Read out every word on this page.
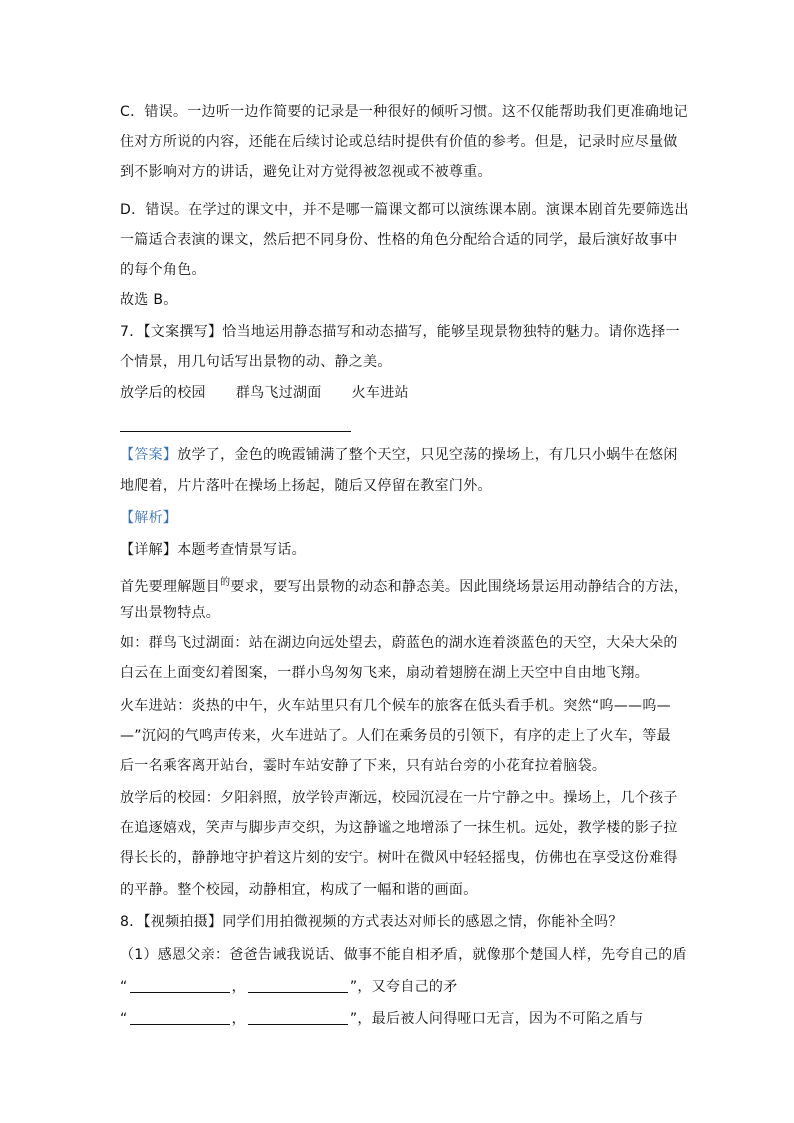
C．错误。一边听一边作简要的记录是一种很好的倾听习惯。这不仅能帮助我们更准确地记
住对方所说的内容，还能在后续讨论或总结时提供有价值的参考。但是，记录时应尽量做
到不影响对方的讲话，避免让对方觉得被忽视或不被尊重。
D．错误。在学过的课文中，并不是哪一篇课文都可以演练课本剧。演课本剧首先要筛选出
一篇适合表演的课文，然后把不同身份、性格的角色分配给合适的同学，最后演好故事中
的每个角色。
故选 B。
7．【文案撰写】恰当地运用静态描写和动态描写，能够呈现景物独特的魅力。请你选择一
个情景，用几句话写出景物的动、静之美。
放学后的校园 群鸟飞过湖面 火车进站
【答案】放学了，金色的晚霞铺满了整个天空，只见空荡的操场上，有几只小蜗牛在悠闲
地爬着，片片落叶在操场上扬起，随后又停留在教室门外。
【解析】
【详解】本题考查情景写话。
首先要理解题目$^的$要求，要写出景物的动态和静态美。因此围绕场景运用动静结合的方法，
写出景物特点。
如：群鸟飞过湖面：站在湖边向远处望去，蔚蓝色的湖水连着淡蓝色的天空，大朵大朵的
白云在上面变幻着图案，一群小鸟匆匆飞来，扇动着翅膀在湖上天空中自由地飞翔。
火车进站：炎热的中午，火车站里只有几个候车的旅客在低头看手机。突然“呜——呜—
—”沉闷的气鸣声传来，火车进站了。人们在乘务员的引领下，有序的走上了火车，等最
后一名乘客离开站台，霎时车站安静了下来，只有站台旁的小花耷拉着脑袋。
放学后的校园：夕阳斜照，放学铃声渐远，校园沉浸在一片宁静之中。操场上，几个孩子
在追逐嬉戏，笑声与脚步声交织，为这静谧之地增添了一抹生机。远处，教学楼的影子拉
得长长的，静静地守护着这片刻的安宁。树叶在微风中轻轻摇曳，仿佛也在享受这份难得
的平静。整个校园，动静相宜，构成了一幅和谐的画面。
8．【视频拍摄】同学们用拍微视频的方式表达对师长的感恩之情，你能补全吗？
（1）感恩父亲：爸爸告诫我说话、做事不能自相矛盾，就像那个楚国人样，先夸自己的盾
“	，	”，又夸自己的矛
“	，	”，最后被人问得哑口无言，因为不可陷之盾与
